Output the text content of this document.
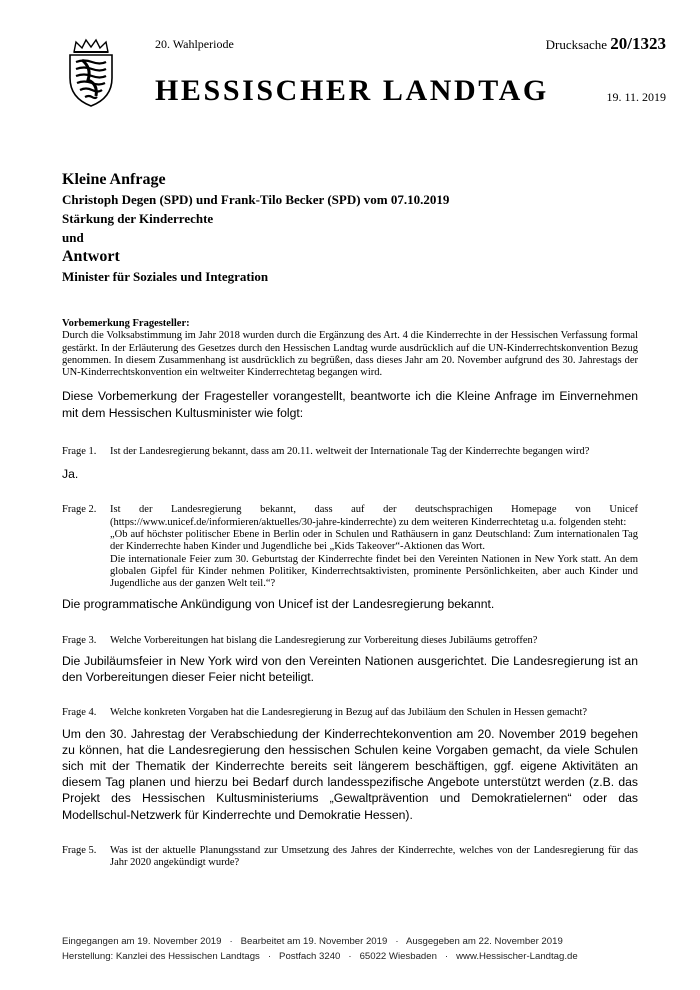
20. Wahlperiode	Drucksache 20/1323
HESSISCHER LANDTAG	19. 11. 2019
Kleine Anfrage
Christoph Degen (SPD) und Frank-Tilo Becker (SPD) vom 07.10.2019
Stärkung der Kinderrechte
und
Antwort
Minister für Soziales und Integration
Vorbemerkung Fragesteller:

Durch die Volksabstimmung im Jahr 2018 wurden durch die Ergänzung des Art. 4 die Kinderrechte in der Hessischen Verfassung formal gestärkt. In der Erläuterung des Gesetzes durch den Hessischen Landtag wurde ausdrücklich auf die UN-Kinderrechtskonvention Bezug genommen. In diesem Zusammenhang ist ausdrücklich zu begrüßen, dass dieses Jahr am 20. November aufgrund des 30. Jahrestags der UN-Kinderrechtskonvention ein weltweiter Kinderrechtetag begangen wird.

Diese Vorbemerkung der Fragesteller vorangestellt, beantworte ich die Kleine Anfrage im Einvernehmen mit dem Hessischen Kultusminister wie folgt:

Frage 1.	Ist der Landesregierung bekannt, dass am 20.11. weltweit der Internationale Tag der Kinderrechte begangen wird?

Ja.

Frage 2.	Ist der Landesregierung bekannt, dass auf der deutschsprachigen Homepage von Unicef (https://www.unicef.de/informieren/aktuelles/30-jahre-kinderrechte) zu dem weiteren Kinderrechtetag u.a. folgenden steht:

„Ob auf höchster politischer Ebene in Berlin oder in Schulen und Rathäusern in ganz Deutschland: Zum internationalen Tag der Kinderrechte haben Kinder und Jugendliche bei „Kids Takeover“-Aktionen das Wort.

Die internationale Feier zum 30. Geburtstag der Kinderrechte findet bei den Vereinten Nationen in New York statt. An dem globalen Gipfel für Kinder nehmen Politiker, Kinderrechtsaktivisten, prominente Persönlichkeiten, aber auch Kinder und Jugendliche aus der ganzen Welt teil.“?

Die programmatische Ankündigung von Unicef ist der Landesregierung bekannt.

Frage 3.	Welche Vorbereitungen hat bislang die Landesregierung zur Vorbereitung dieses Jubiläums getroffen?

Die Jubiläumsfeier in New York wird von den Vereinten Nationen ausgerichtet. Die Landesregierung ist an den Vorbereitungen dieser Feier nicht beteiligt.

Frage 4.	Welche konkreten Vorgaben hat die Landesregierung in Bezug auf das Jubiläum den Schulen in Hessen gemacht?

Um den 30. Jahrestag der Verabschiedung der Kinderrechtekonvention am 20. November 2019 begehen zu können, hat die Landesregierung den hessischen Schulen keine Vorgaben gemacht, da viele Schulen sich mit der Thematik der Kinderrechte bereits seit längerem beschäftigen, ggf. eigene Aktivitäten an diesem Tag planen und hierzu bei Bedarf durch landesspezifische Angebote unterstützt werden (z.B. das Projekt des Hessischen Kultusministeriums „Gewaltprävention und Demokratielernen“ oder das Modellschul-Netzwerk für Kinderrechte und Demokratie Hessen).

Frage 5.	Was ist der aktuelle Planungsstand zur Umsetzung des Jahres der Kinderrechte, welches von der Landesregierung für das Jahr 2020 angekündigt wurde?
Eingegangen am 19. November 2019   ·   Bearbeitet am 19. November 2019   ·   Ausgegeben am 22. November 2019
Herstellung: Kanzlei des Hessischen Landtags   ·   Postfach 3240   ·   65022 Wiesbaden   ·   www.Hessischer-Landtag.de
